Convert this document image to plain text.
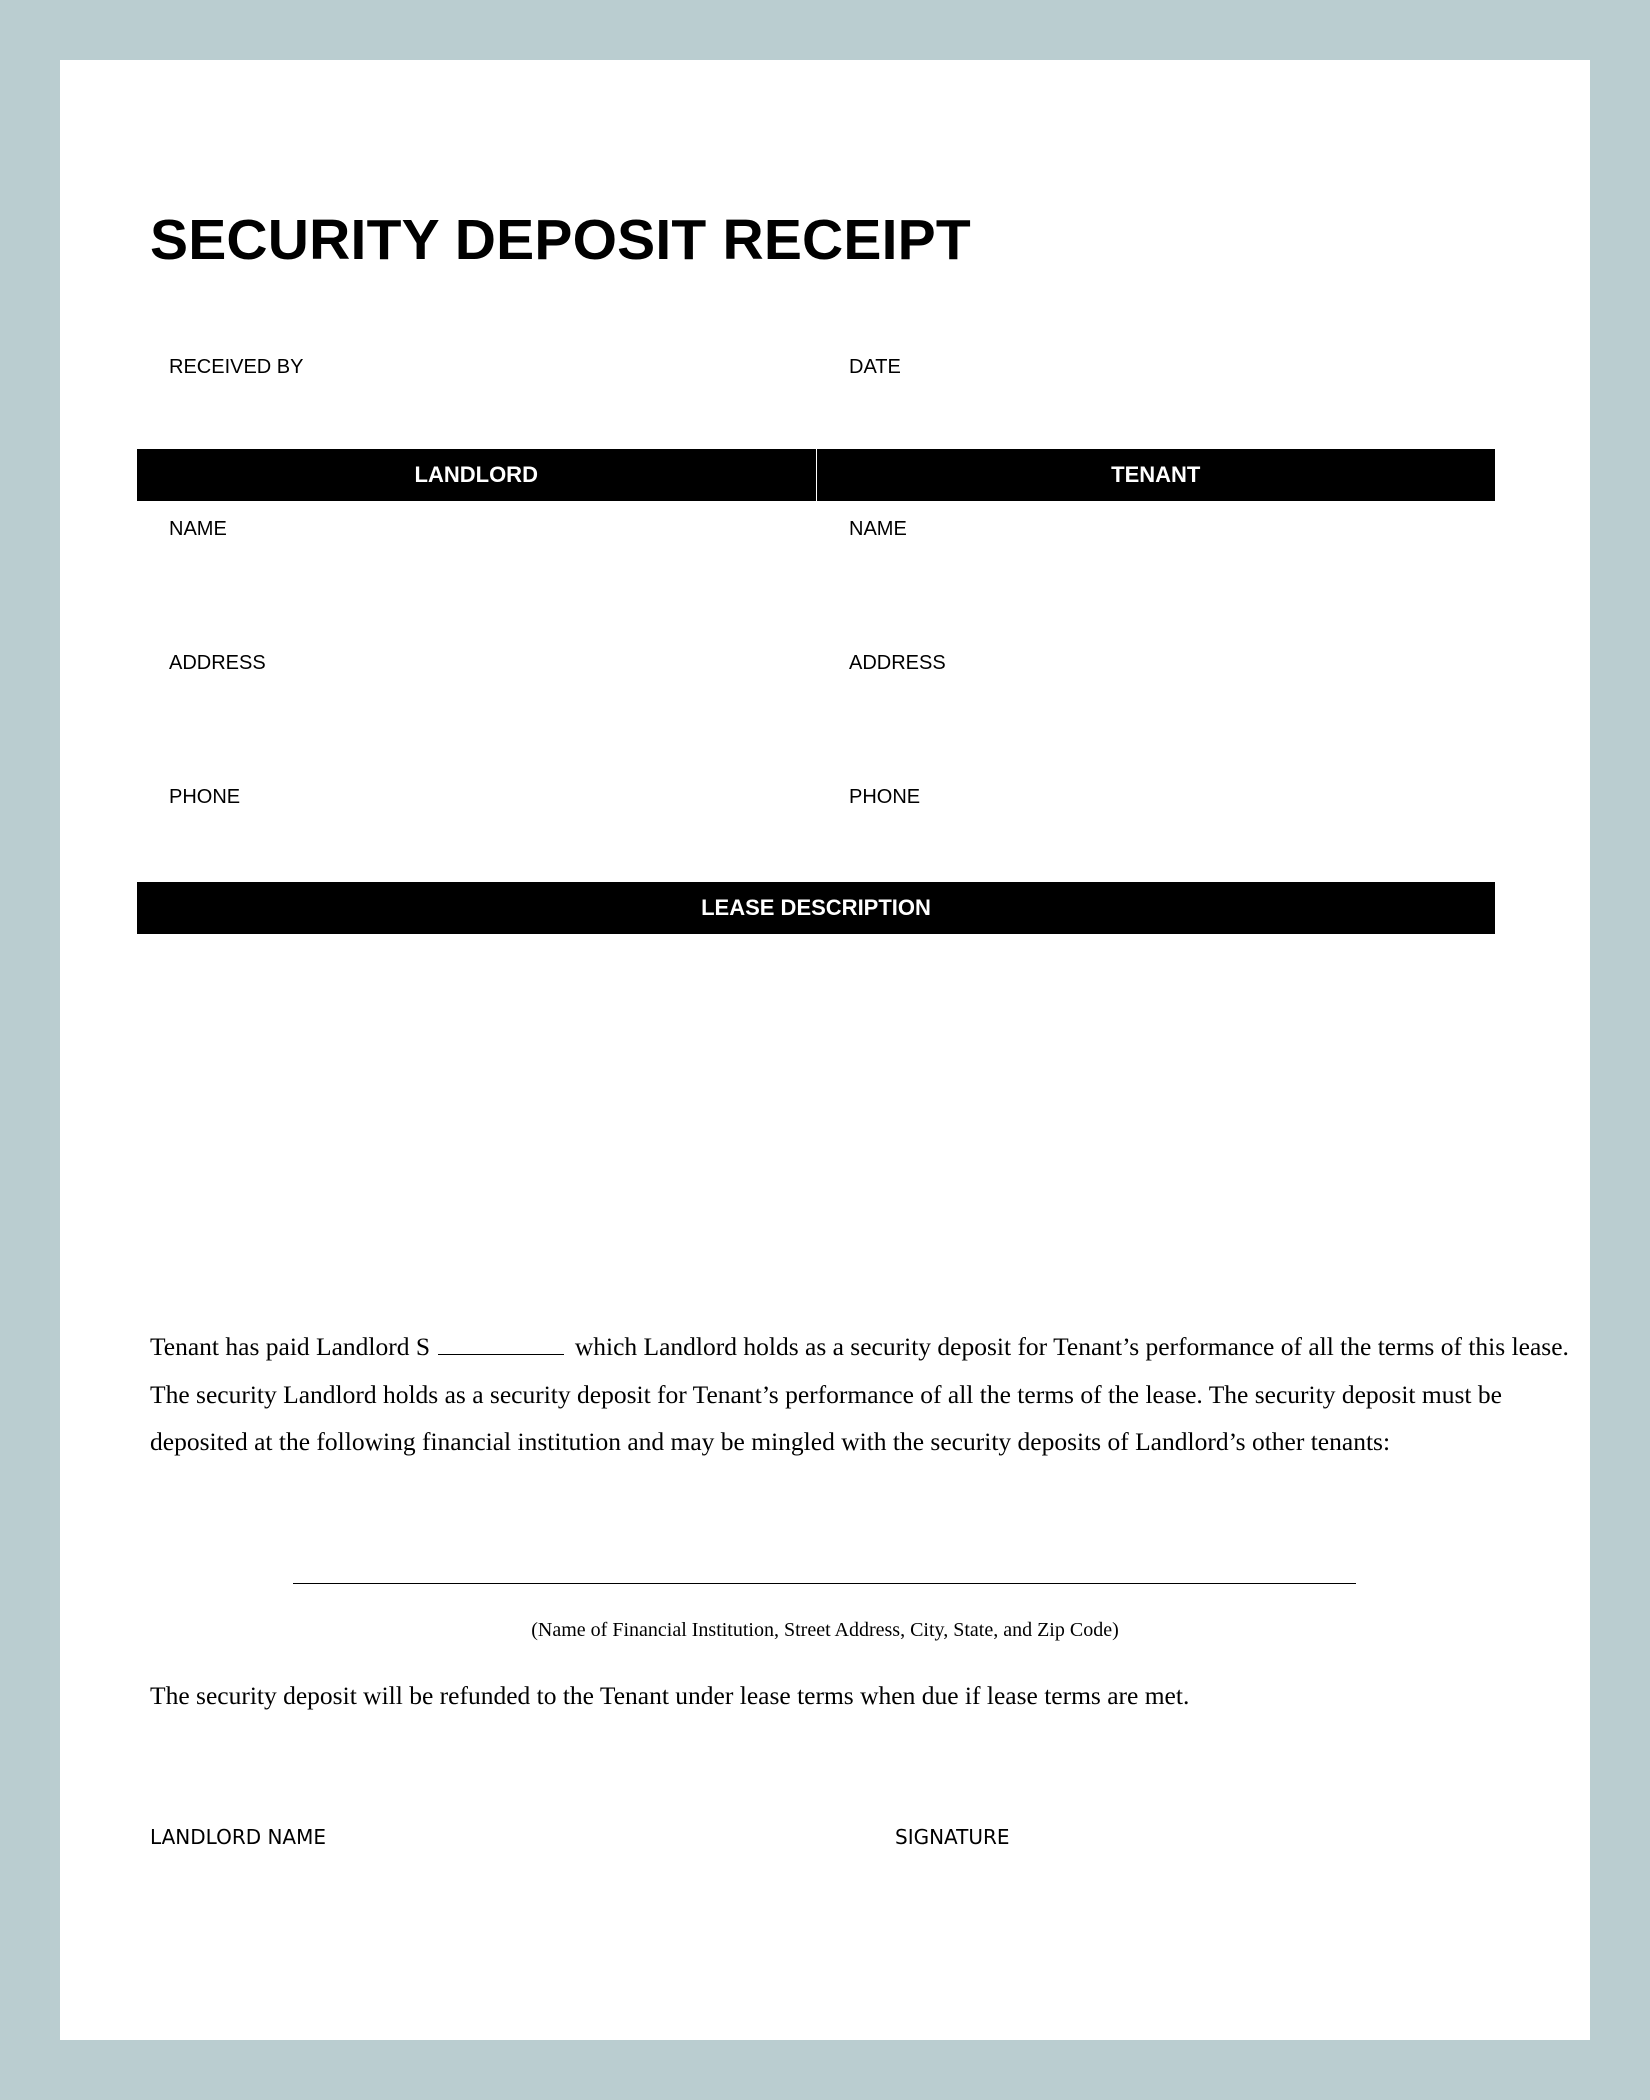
SECURITY DEPOSIT RECEIPT

RECEIVED BY	DATE

LANDLORD	TENANT

NAME	NAME

ADDRESS	ADDRESS

PHONE	PHONE

LEASE DESCRIPTION

Tenant has paid Landlord S	which Landlord holds as a security deposit for Tenant’s performance of all the terms of this lease. The security Landlord holds as a security deposit for Tenant’s performance of all the terms of the lease. The security deposit must be deposited at the following financial institution and may be mingled with the security deposits of Landlord’s other tenants:

(Name of Financial Institution, Street Address, City, State, and Zip Code)

The security deposit will be refunded to the Tenant under lease terms when due if lease terms are met.

LANDLORD NAME	SIGNATURE
